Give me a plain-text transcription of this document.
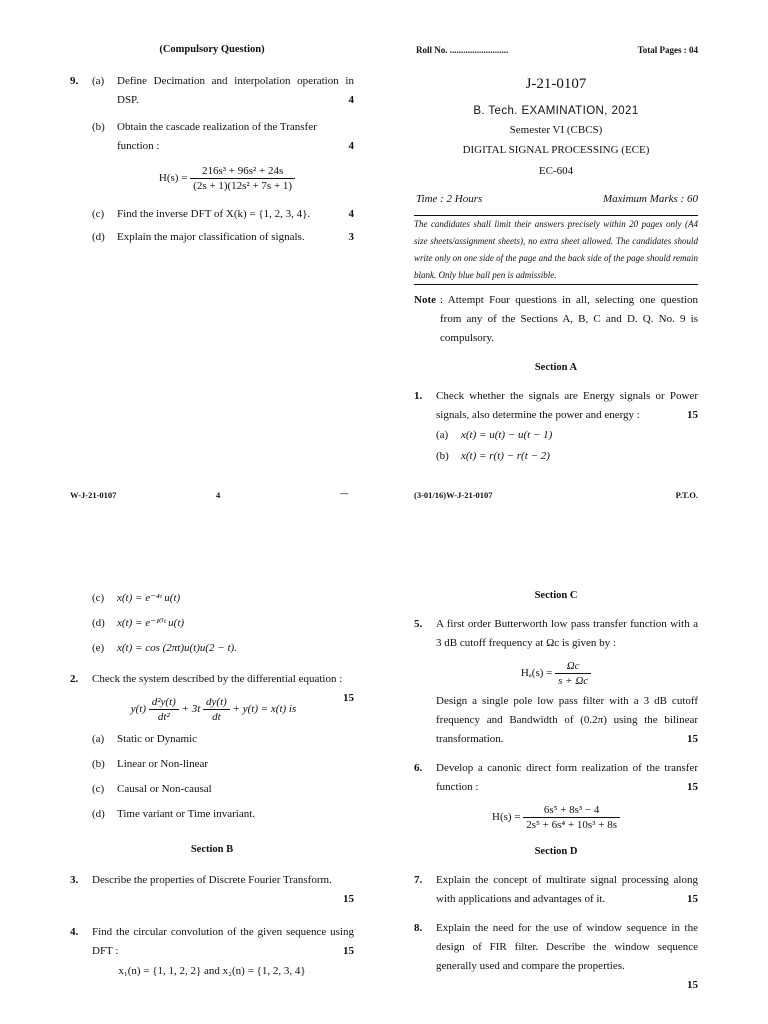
(Compulsory Question)
9. (a) Define Decimation and interpolation operation in DSP.	4
(b) Obtain the cascade realization of the Transfer function :	4
$H(s) = \frac{\text{216s³ + 96s² + 24s}}{\text{(2s + 1)(12s² + 7s + 1)}}$
(c) Find the inverse DFT of X(k) = {1, 2, 3, 4}.	4
(d) Explain the major classification of signals.	3
W-J-21-0107	4	—
Roll No. ..........................	Total Pages : 04
J-21-0107
B. Tech. EXAMINATION, 2021
Semester VI (CBCS)
DIGITAL SIGNAL PROCESSING (ECE)
EC-604
Time : 2 Hours	Maximum Marks : 60
The candidates shall limit their answers precisely within 20 pages only (A4 size sheets/assignment sheets), no extra sheet allowed. The candidates should write only on one side of the page and the back side of the page should remain blank. Only blue ball pen is admissible.
Note : Attempt Four questions in all, selecting one question from any of the Sections A, B, C and D. Q. No. 9 is compulsory.
Section A
1. Check whether the signals are Energy signals or Power signals, also determine the power and energy :	15
(a) x(t) = u(t) − u(t − 1)
(b) x(t) = r(t) − r(t − 2)
(3-01/16)W-J-21-0107	P.T.O.
(c) x(t) = e⁻⁴ᵗ u(t)
(d) x(t) = e⁻¹⁰ᵗ u(t)
(e) x(t) = cos (2πt)u(t)u(2 − t).
2. Check the system described by the differential equation :
15
$y(t) \frac{\text{d²y(t)}}{\text{dt²}} + 3t \frac{dy(t)}{dt} + y(t) = x(t)$ is
(a) Static or Dynamic
(b) Linear or Non-linear
(c) Causal or Non-causal
(d) Time variant or Time invariant.
Section B
3. Describe the properties of Discrete Fourier Transform.
15
4. Find the circular convolution of the given sequence using DFT :	15
x₁(n) = {1, 1, 2, 2} and x₂(n) = {1, 2, 3, 4}
Section C
5. A first order Butterworth low pass transfer function with a 3 dB cutoff frequency at Ωc is given by :
$H_a(s) = \frac{\Omega c}{s + \Omega c}$
Design a single pole low pass filter with a 3 dB cutoff frequency and Bandwidth of (0.2π) using the bilinear transformation.	15
6. Develop a canonic direct form realization of the transfer function :	15
$H(s) = \frac{\text{6s⁵ + 8s³ − 4}}{\text{2s⁵ + 6s⁴ + 10s³ + 8s}}$
Section D
7. Explain the concept of multirate signal processing along with applications and advantages of it.	15
8. Explain the need for the use of window sequence in the design of FIR filter. Describe the window sequence generally used and compare the properties.
15
